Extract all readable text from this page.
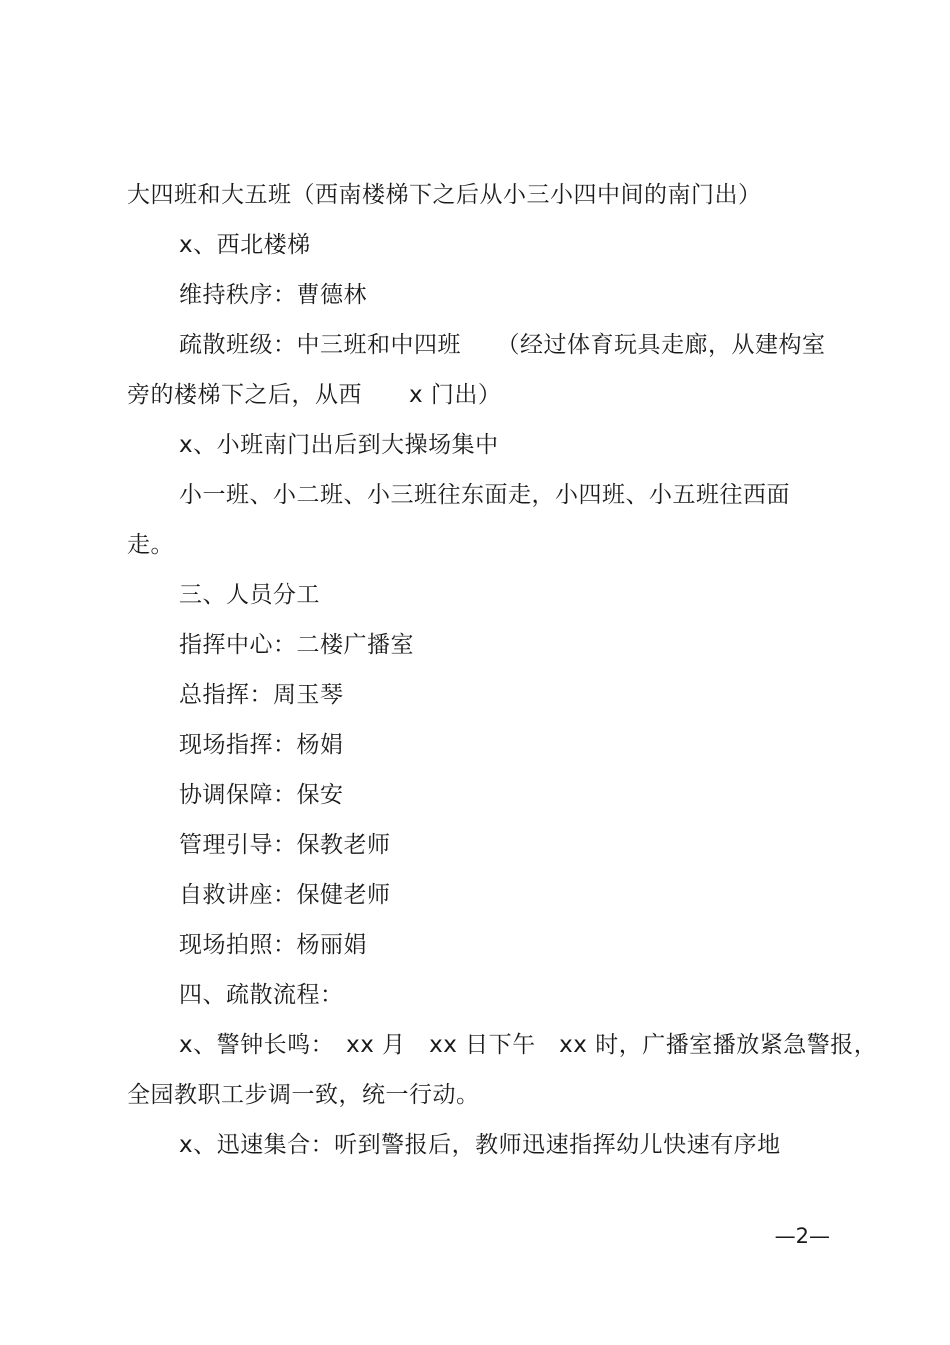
大四班和大五班（西南楼梯下之后从小三小四中间的南门出）
x、西北楼梯
维持秩序：曹德林
疏散班级：中三班和中四班　　（经过体育玩具走廊，从建构室
旁的楼梯下之后，从西　　x 门出）
x、小班南门出后到大操场集中
小一班、小二班、小三班往东面走，小四班、小五班往西面
走。
三、人员分工
指挥中心：二楼广播室
总指挥：周玉琴
现场指挥：杨娟
协调保障：保安
管理引导：保教老师
自救讲座：保健老师
现场拍照：杨丽娟
四、疏散流程：
x、警钟长鸣：　xx 月　xx 日下午　xx 时，广播室播放紧急警报，
全园教职工步调一致，统一行动。
x、迅速集合：听到警报后，教师迅速指挥幼儿快速有序地
—2—
